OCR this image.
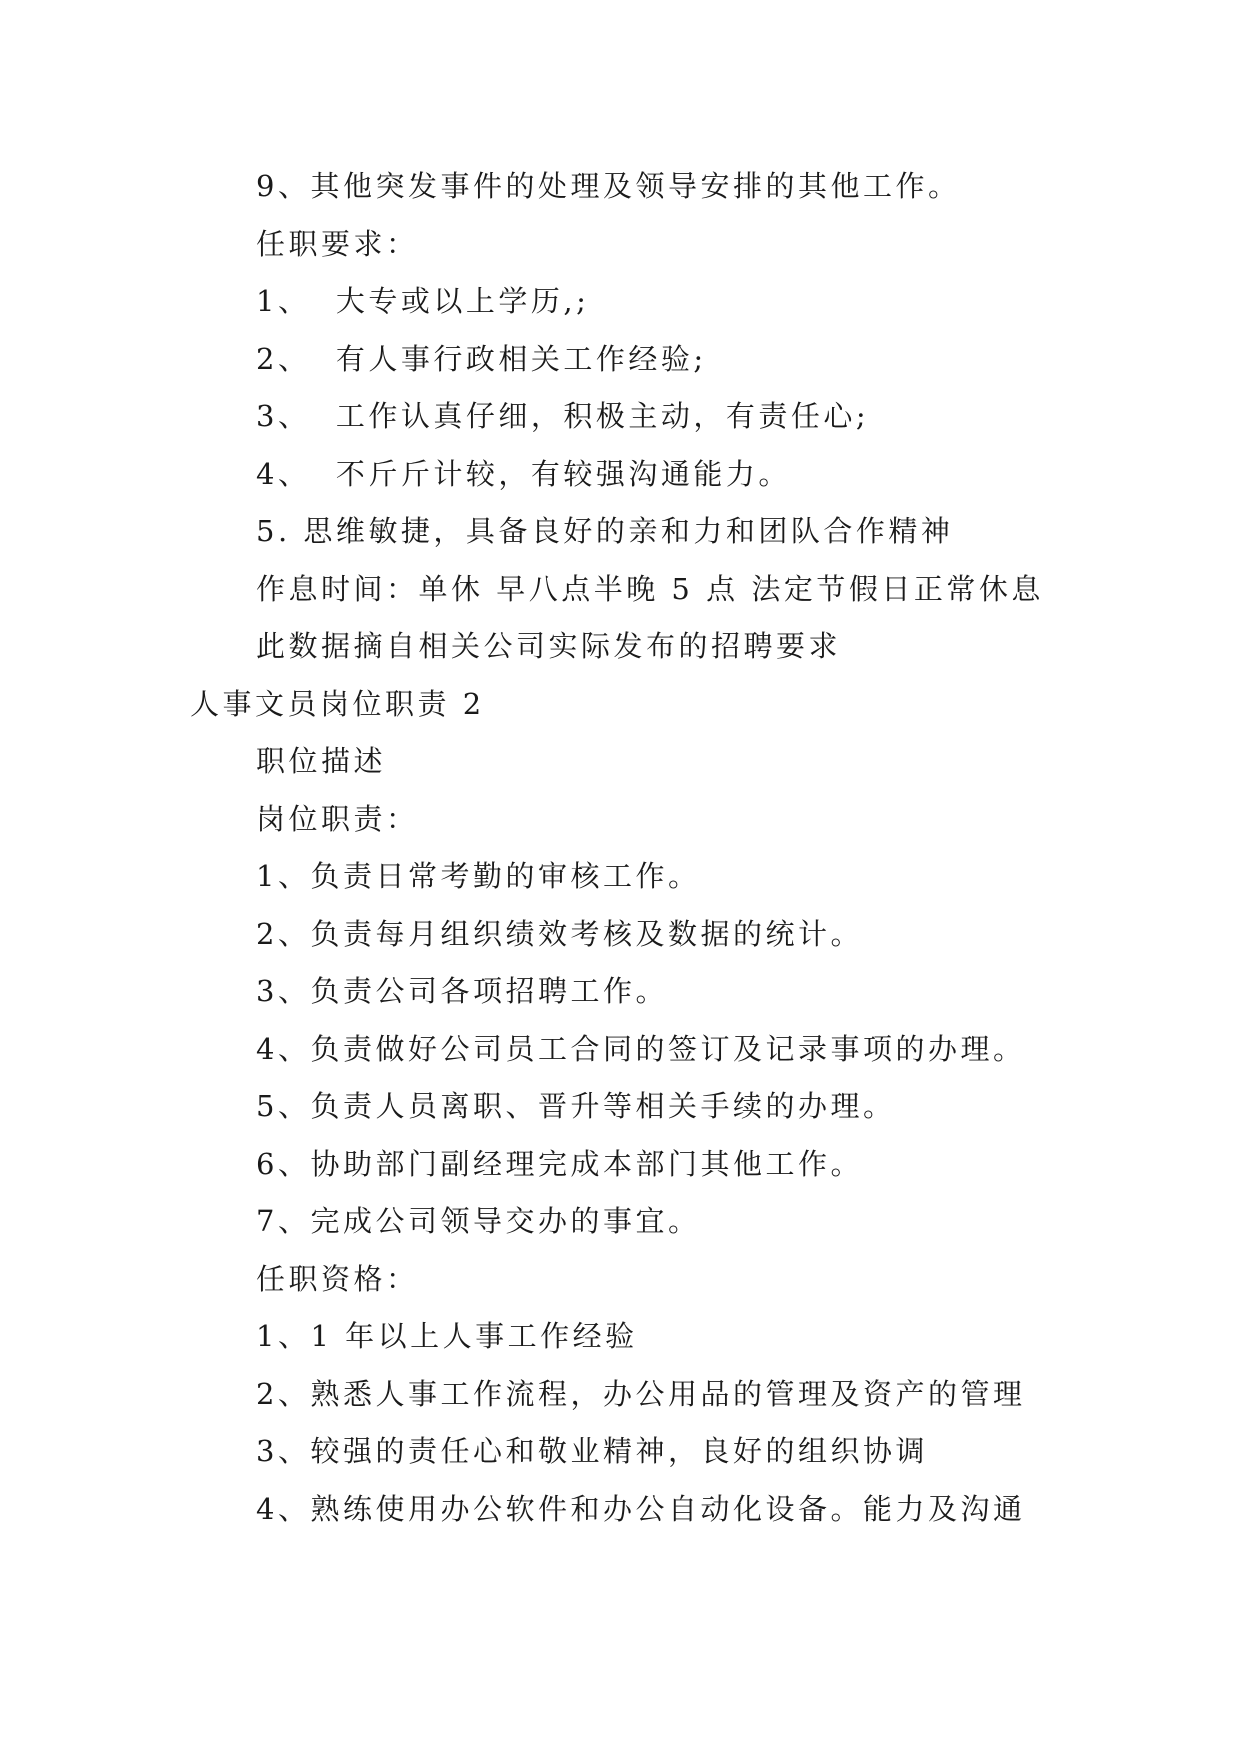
9、其他突发事件的处理及领导安排的其他工作。
任职要求：
1、  大专或以上学历,;
2、  有人事行政相关工作经验;
3、  工作认真仔细，积极主动，有责任心;
4、  不斤斤计较，有较强沟通能力。
5. 思维敏捷，具备良好的亲和力和团队合作精神
作息时间：单休 早八点半晚 5 点 法定节假日正常休息
此数据摘自相关公司实际发布的招聘要求
人事文员岗位职责 2
职位描述
岗位职责：
1、负责日常考勤的审核工作。
2、负责每月组织绩效考核及数据的统计。
3、负责公司各项招聘工作。
4、负责做好公司员工合同的签订及记录事项的办理。
5、负责人员离职、晋升等相关手续的办理。
6、协助部门副经理完成本部门其他工作。
7、完成公司领导交办的事宜。
任职资格：
1、1 年以上人事工作经验
2、熟悉人事工作流程，办公用品的管理及资产的管理
3、较强的责任心和敬业精神，良好的组织协调
4、熟练使用办公软件和办公自动化设备。能力及沟通
